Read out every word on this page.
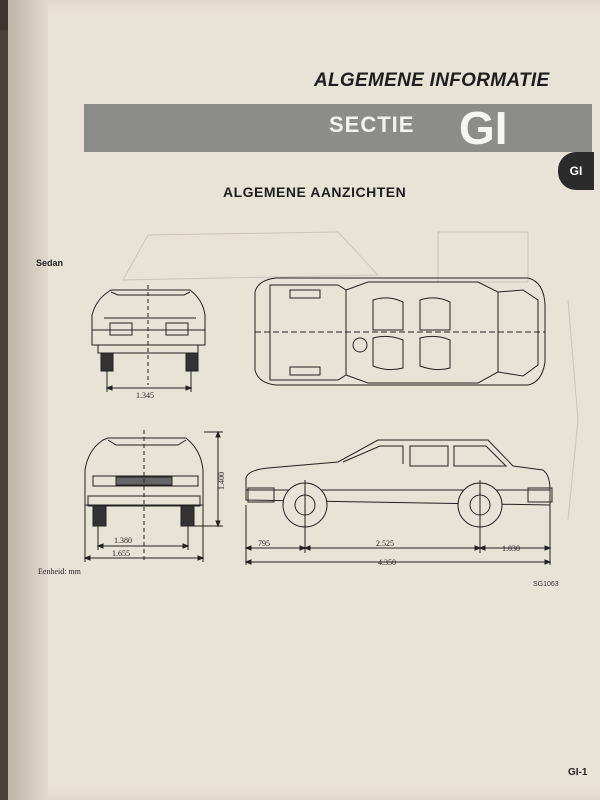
ALGEMENE INFORMATIE
SECTIE GI
GI
ALGEMENE AANZICHTEN
Sedan
1.345
1.380
1.655
1.400
795	2.525
1.030
4.350
Eenheid: mm
SG1063
GI-1
